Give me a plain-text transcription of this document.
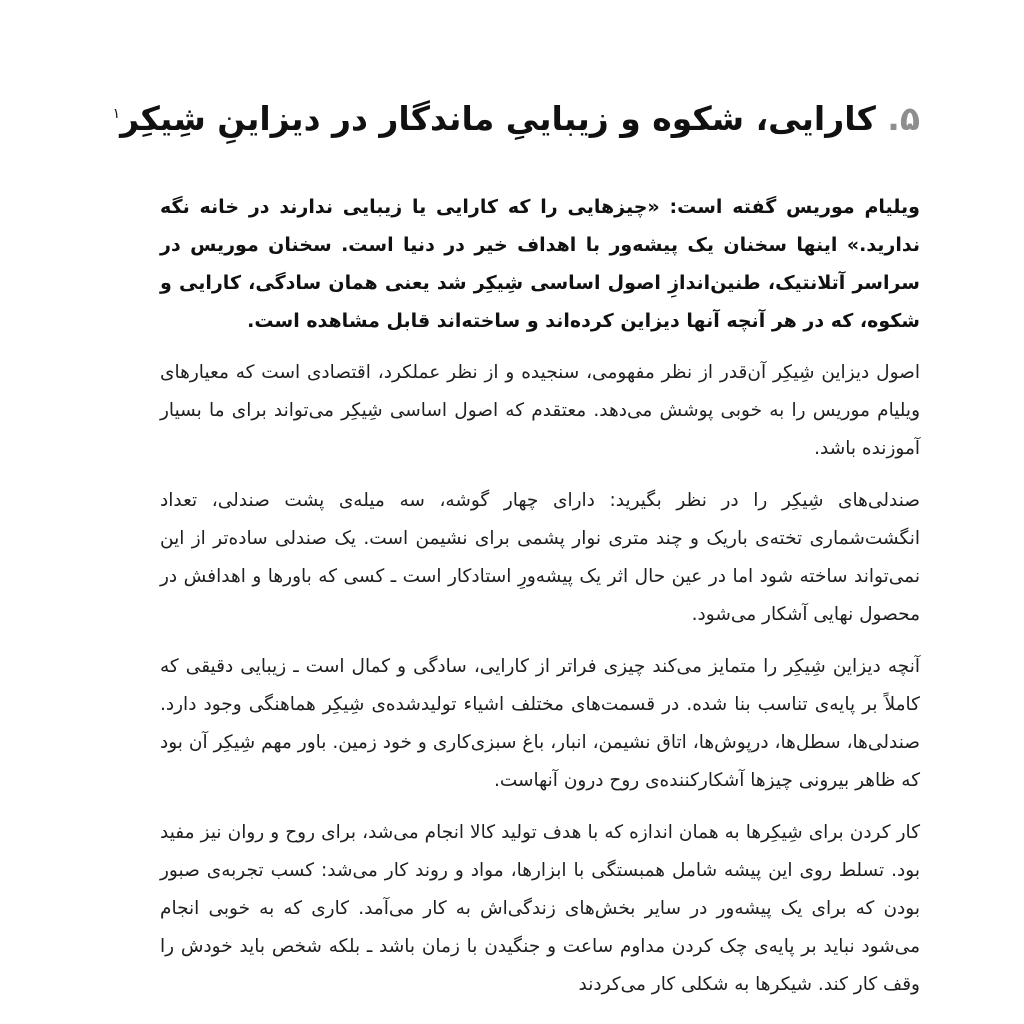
۵. کارایی، شکوه و زیباییِ ماندگار در دیزاینِ شِیکِر$^۱$

ویلیام موریس گفته است: «چیزهایی را که کارایی یا زیبایی ندارند در خانه نگه ندارید.» اینها سخنان یک پیشه‌ور با اهداف خیر در دنیا است. سخنان موریس در سراسر آتلانتیک، طنین‌اندازِ اصول اساسی شِیکِر شد یعنی همان سادگی، کارایی و شکوه، که در هر آنچه آنها دیزاین کرده‌اند و ساخته‌اند قابل مشاهده است.

اصول دیزاین شِیکِر آن‌قدر از نظر مفهومی، سنجیده و از نظر عملکرد، اقتصادی است که معیارهای ویلیام موریس را به خوبی پوشش می‌دهد. معتقدم که اصول اساسی شِیکِر می‌تواند برای ما بسیار آموزنده باشد.

صندلی‌های شِیکِر را در نظر بگیرید: دارای چهار گوشه، سه میله‌ی پشت صندلی، تعداد انگشت‌شماری تخته‌ی باریک و چند متری نوار پشمی برای نشیمن است. یک صندلی ساده‌تر از این نمی‌تواند ساخته شود اما در عین حال اثر یک پیشه‌ورِ استادکار است ـ کسی که باورها و اهدافش در محصول نهایی آشکار می‌شود.

آنچه دیزاین شِیکِر را متمایز می‌کند چیزی فراتر از کارایی، سادگی و کمال است ـ زیبایی دقیقی که کاملاً بر پایه‌ی تناسب بنا شده. در قسمت‌های مختلف اشیاء تولیدشده‌ی شِیکِر هماهنگی وجود دارد. صندلی‌ها، سطل‌ها، درپوش‌ها، اتاق نشیمن، انبار، باغ سبزی‌کاری و خود زمین. باور مهم شِیکِر آن بود که ظاهر بیرونی چیزها آشکارکننده‌ی روح درون آنهاست.

کار کردن برای شِیکِرها به همان اندازه که با هدف تولید کالا انجام می‌شد، برای روح و روان نیز مفید بود. تسلط روی این پیشه شامل همبستگی با ابزارها، مواد و روند کار می‌شد: کسب تجربه‌ی صبور بودن که برای یک پیشه‌ور در سایر بخش‌های زندگی‌اش به کار می‌آمد. کاری که به خوبی انجام می‌شود نباید بر پایه‌ی چک کردن مداوم ساعت و جنگیدن با زمان باشد ـ بلکه شخص باید خودش را وقف کار کند. شیکرها به شکلی کار می‌کردند
